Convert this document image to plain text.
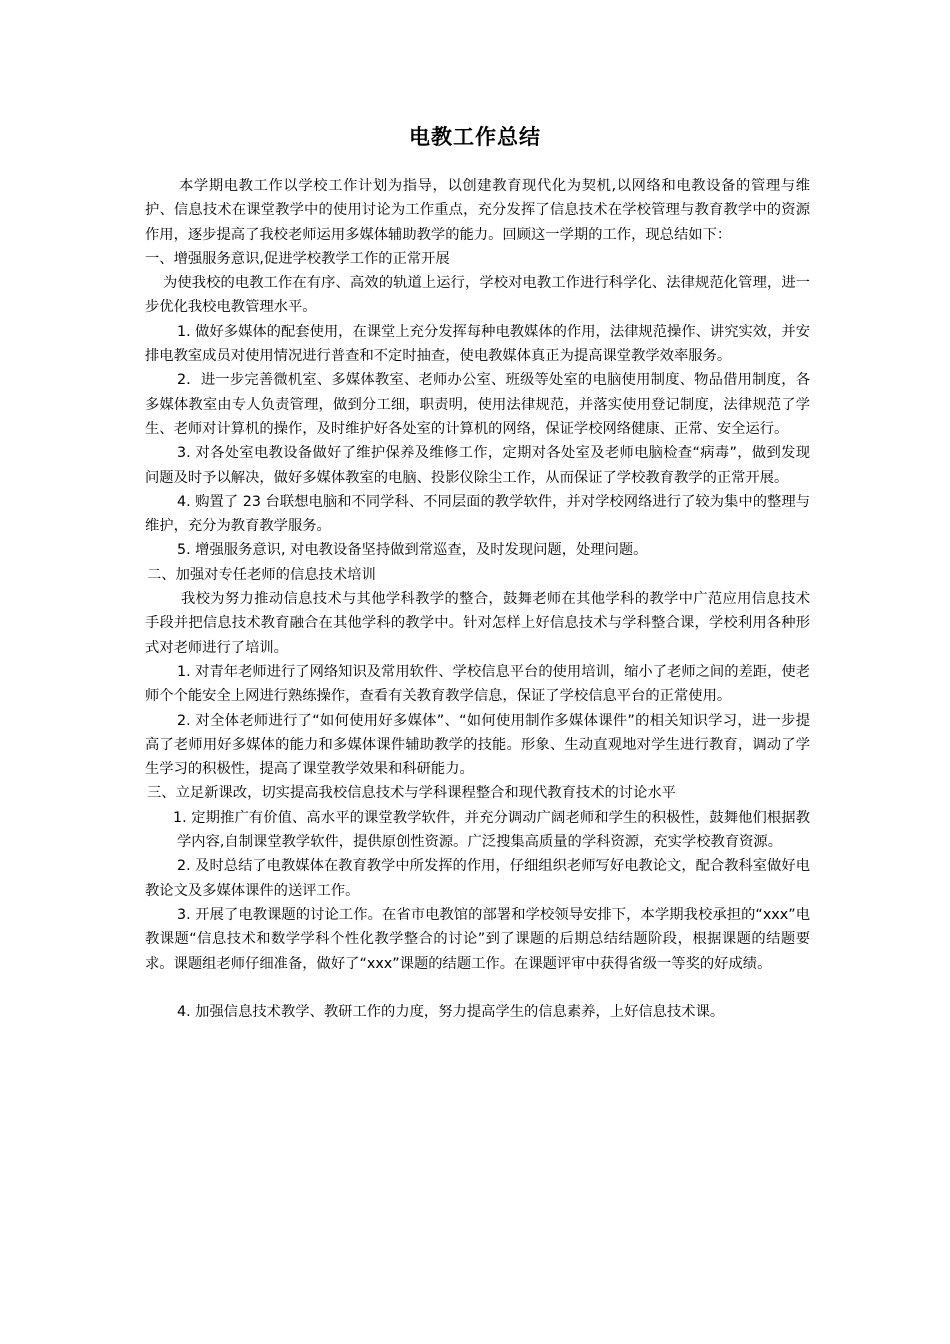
电教工作总结

本学期电教工作以学校工作计划为指导，以创建教育现代化为契机,以网络和电教设备的管理与维护、信息技术在课堂教学中的使用讨论为工作重点，充分发挥了信息技术在学校管理与教育教学中的资源作用，逐步提高了我校老师运用多媒体辅助教学的能力。回顾这一学期的工作，现总结如下：

一、增强服务意识,促进学校教学工作的正常开展

为使我校的电教工作在有序、高效的轨道上运行，学校对电教工作进行科学化、法律规范化管理，进一步优化我校电教管理水平。

1. 做好多媒体的配套使用，在课堂上充分发挥每种电教媒体的作用，法律规范操作、讲究实效，并安排电教室成员对使用情况进行普查和不定时抽查，使电教媒体真正为提高课堂教学效率服务。

2．进一步完善微机室、多媒体教室、老师办公室、班级等处室的电脑使用制度、物品借用制度，各多媒体教室由专人负责管理，做到分工细，职责明，使用法律规范，并落实使用登记制度，法律规范了学生、老师对计算机的操作，及时维护好各处室的计算机的网络，保证学校网络健康、正常、安全运行。

3. 对各处室电教设备做好了维护保养及维修工作，定期对各处室及老师电脑检查“病毒”，做到发现问题及时予以解决，做好多媒体教室的电脑、投影仪除尘工作，从而保证了学校教育教学的正常开展。

4. 购置了 23 台联想电脑和不同学科、不同层面的教学软件，并对学校网络进行了较为集中的整理与维护，充分为教育教学服务。

5. 增强服务意识, 对电教设备坚持做到常巡查，及时发现问题，处理问题。

二、加强对专任老师的信息技术培训

我校为努力推动信息技术与其他学科教学的整合，鼓舞老师在其他学科的教学中广范应用信息技术手段并把信息技术教育融合在其他学科的教学中。针对怎样上好信息技术与学科整合课，学校利用各种形式对老师进行了培训。

1. 对青年老师进行了网络知识及常用软件、学校信息平台的使用培训，缩小了老师之间的差距，使老师个个能安全上网进行熟练操作，查看有关教育教学信息，保证了学校信息平台的正常使用。

2. 对全体老师进行了“如何使用好多媒体”、“如何使用制作多媒体课件”的相关知识学习，进一步提高了老师用好多媒体的能力和多媒体课件辅助教学的技能。形象、生动直观地对学生进行教育，调动了学生学习的积极性，提高了课堂教学效果和科研能力。

三、立足新课改，切实提高我校信息技术与学科课程整合和现代教育技术的讨论水平

1. 定期推广有价值、高水平的课堂教学软件，并充分调动广阔老师和学生的积极性，鼓舞他们根据教学内容,自制课堂教学软件，提供原创性资源。广泛搜集高质量的学科资源，充实学校教育资源。

2. 及时总结了电教媒体在教育教学中所发挥的作用，仔细组织老师写好电教论文，配合教科室做好电教论文及多媒体课件的送评工作。

3. 开展了电教课题的讨论工作。在省市电教馆的部署和学校领导安排下，本学期我校承担的“xxx”电教课题“信息技术和数学学科个性化教学整合的讨论”到了课题的后期总结结题阶段，根据课题的结题要求。课题组老师仔细准备，做好了“xxx”课题的结题工作。在课题评审中获得省级一等奖的好成绩。

4. 加强信息技术教学、教研工作的力度，努力提高学生的信息素养，上好信息技术课。
